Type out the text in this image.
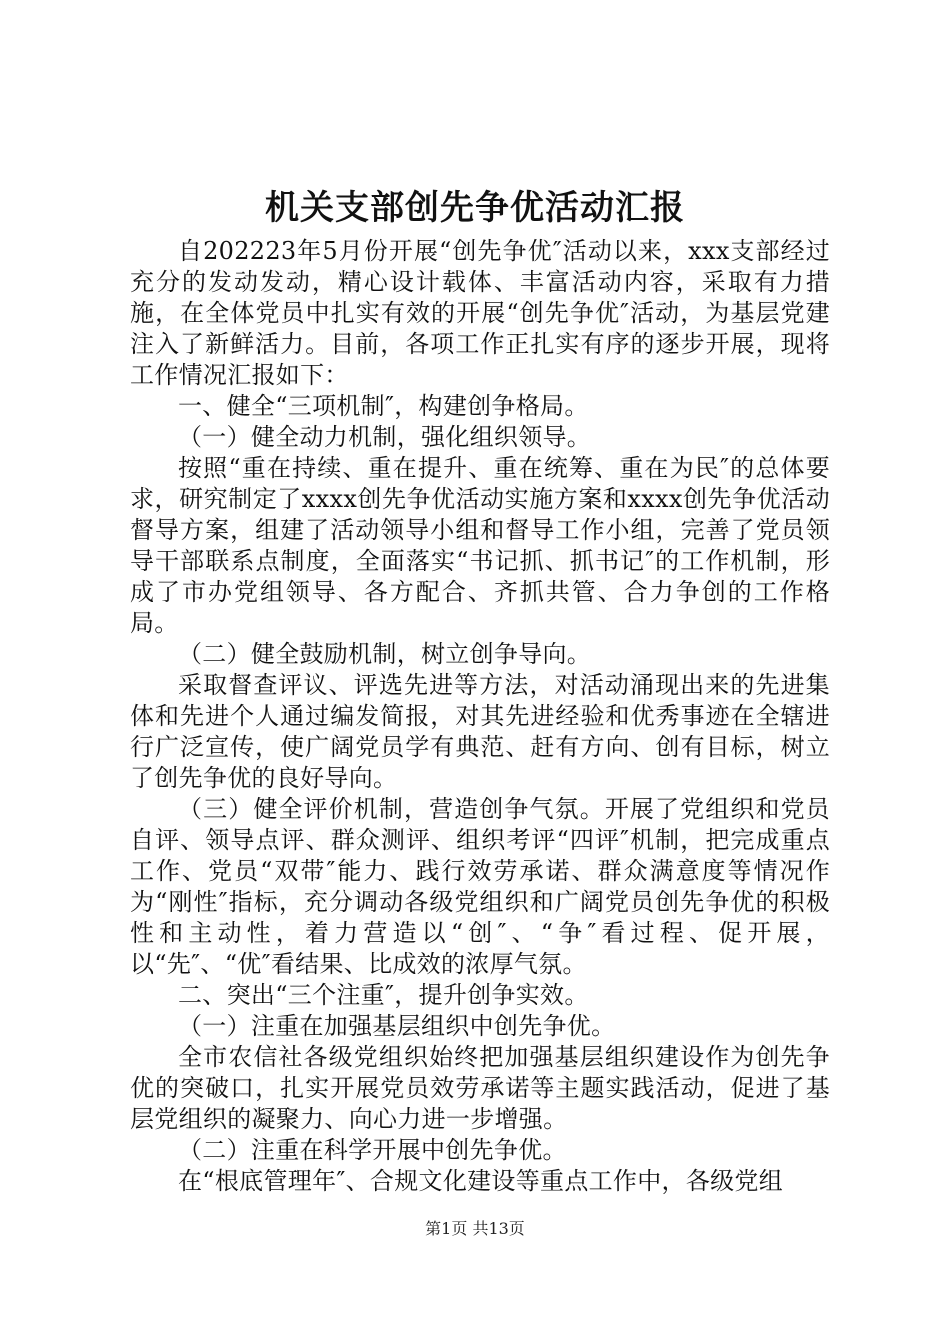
机关支部创先争优活动汇报

自202223年5月份开展“创先争优″活动以来，xxx支部经过充分的发动发动，精心设计载体、丰富活动内容，采取有力措施，在全体党员中扎实有效的开展“创先争优″活动，为基层党建注入了新鲜活力。目前，各项工作正扎实有序的逐步开展，现将工作情况汇报如下：

一、健全“三项机制″，构建创争格局。

（一）健全动力机制，强化组织领导。

按照“重在持续、重在提升、重在统筹、重在为民″的总体要求，研究制定了xxxx创先争优活动实施方案和xxxx创先争优活动督导方案，组建了活动领导小组和督导工作小组，完善了党员领导干部联系点制度，全面落实“书记抓、抓书记″的工作机制，形成了市办党组领导、各方配合、齐抓共管、合力争创的工作格局。

（二）健全鼓励机制，树立创争导向。

采取督查评议、评选先进等方法，对活动涌现出来的先进集体和先进个人通过编发简报，对其先进经验和优秀事迹在全辖进行广泛宣传，使广阔党员学有典范、赶有方向、创有目标，树立了创先争优的良好导向。

（三）健全评价机制，营造创争气氛。开展了党组织和党员自评、领导点评、群众测评、组织考评“四评″机制，把完成重点工作、党员“双带″能力、践行效劳承诺、群众满意度等情况作为“刚性″指标，充分调动各级党组织和广阔党员创先争优的积极性和主动性，着力营造以“创″、“争″看过程、促开展，以“先″、“优″看结果、比成效的浓厚气氛。

二、突出“三个注重″，提升创争实效。

（一）注重在加强基层组织中创先争优。

全市农信社各级党组织始终把加强基层组织建设作为创先争优的突破口，扎实开展党员效劳承诺等主题实践活动，促进了基层党组织的凝聚力、向心力进一步增强。

（二）注重在科学开展中创先争优。

在“根底管理年″、合规文化建设等重点工作中，各级党组

第1页 共13页
